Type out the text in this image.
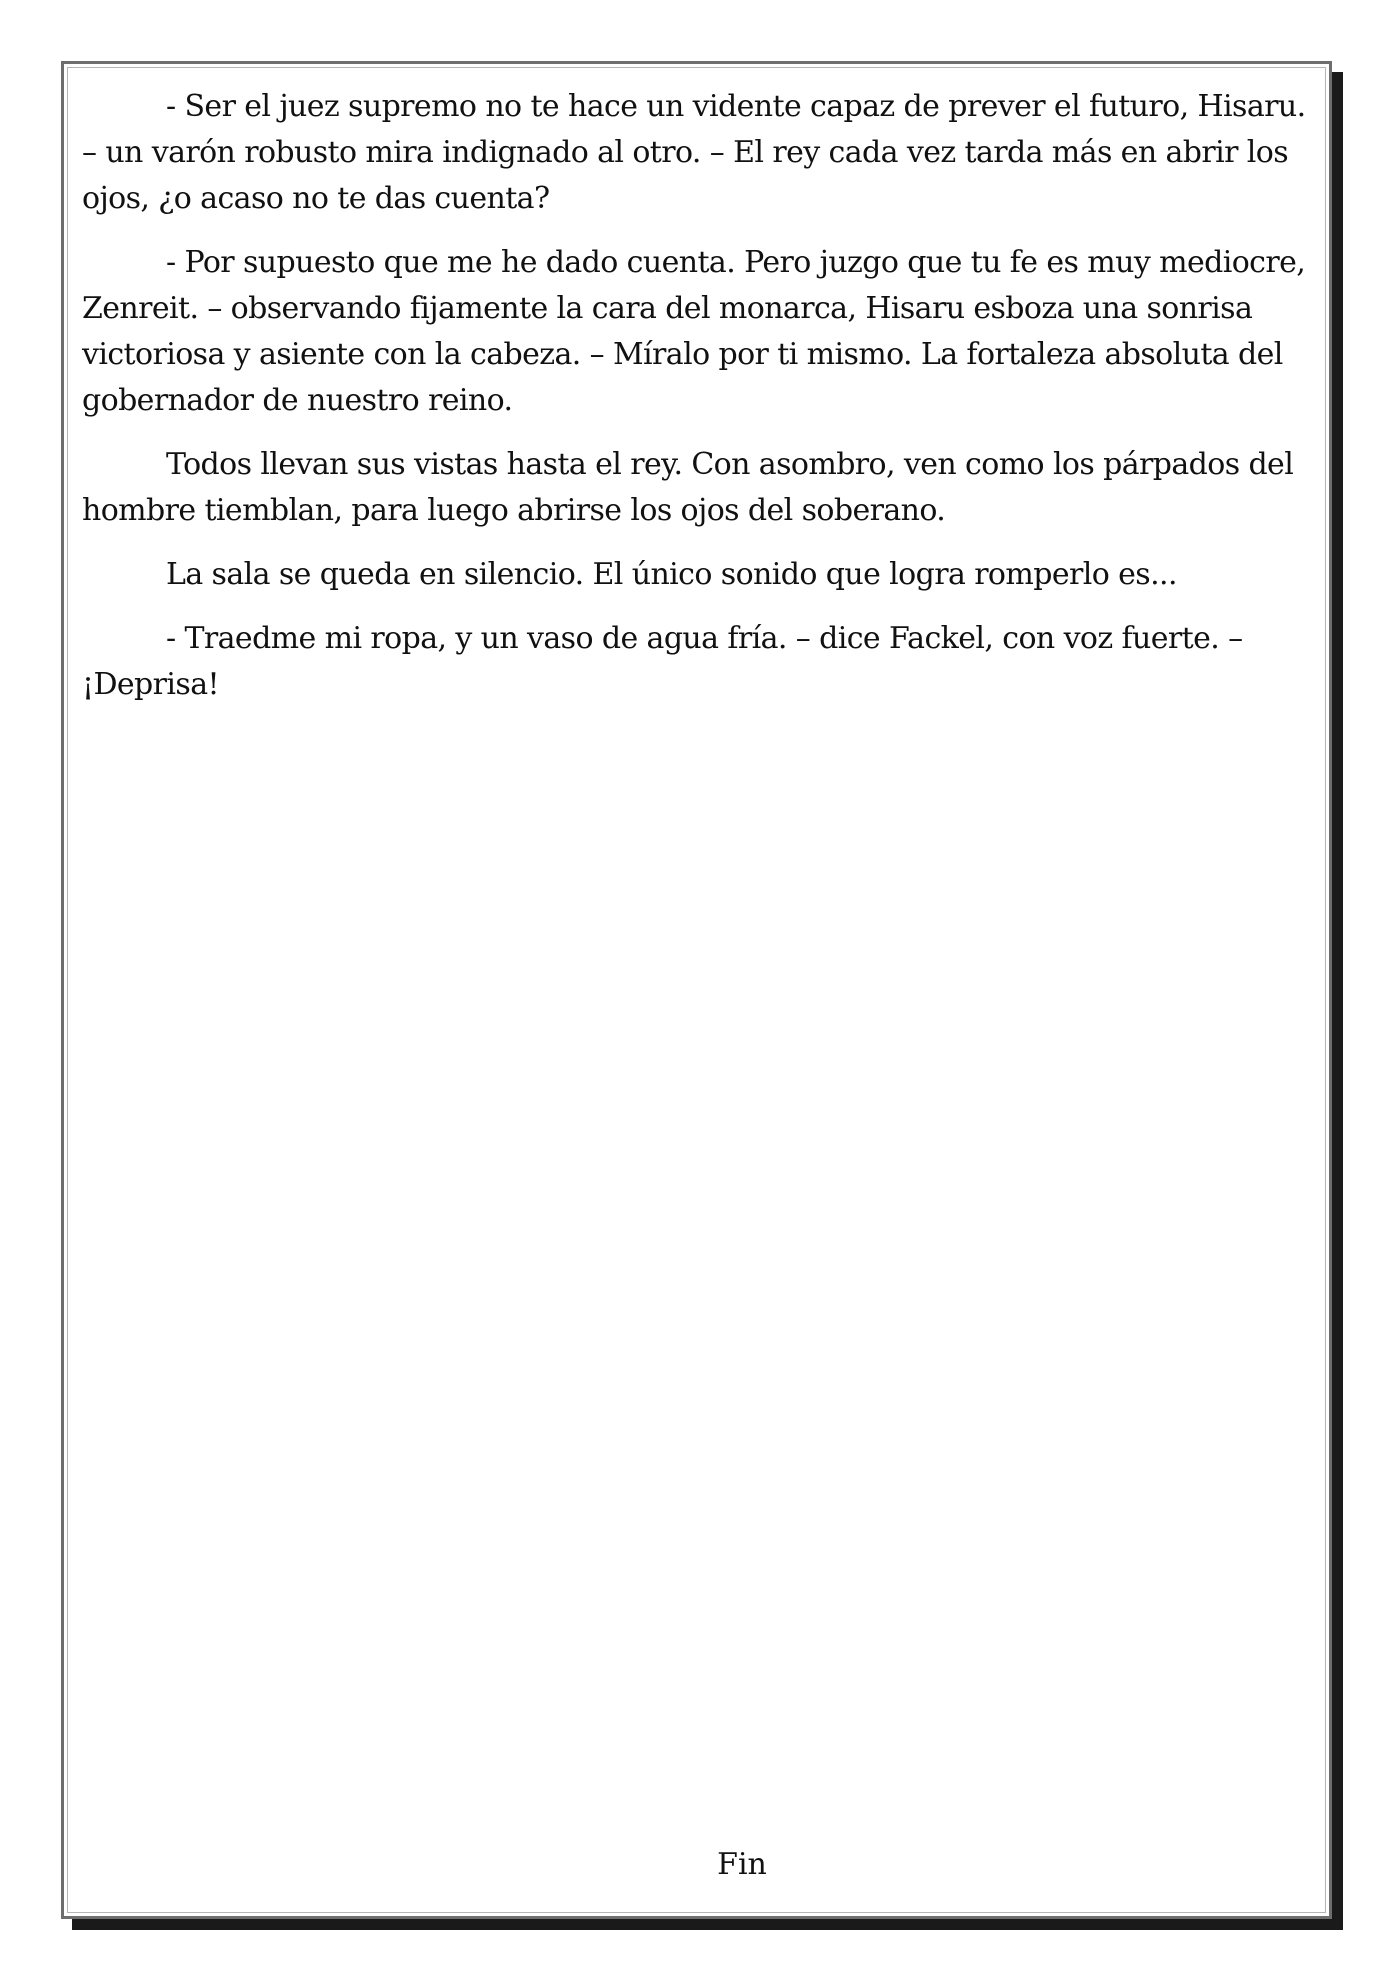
- Ser el juez supremo no te hace un vidente capaz de prever el futuro, Hisaru. – un varón robusto mira indignado al otro. – El rey cada vez tarda más en abrir los ojos, ¿o acaso no te das cuenta?

- Por supuesto que me he dado cuenta. Pero juzgo que tu fe es muy mediocre, Zenreit. – observando fijamente la cara del monarca, Hisaru esboza una sonrisa victoriosa y asiente con la cabeza. – Míralo por ti mismo. La fortaleza absoluta del gobernador de nuestro reino.

Todos llevan sus vistas hasta el rey. Con asombro, ven como los párpados del hombre tiemblan, para luego abrirse los ojos del soberano.

La sala se queda en silencio. El único sonido que logra romperlo es...

- Traedme mi ropa, y un vaso de agua fría. – dice Fackel, con voz fuerte. – ¡Deprisa!

Fin
